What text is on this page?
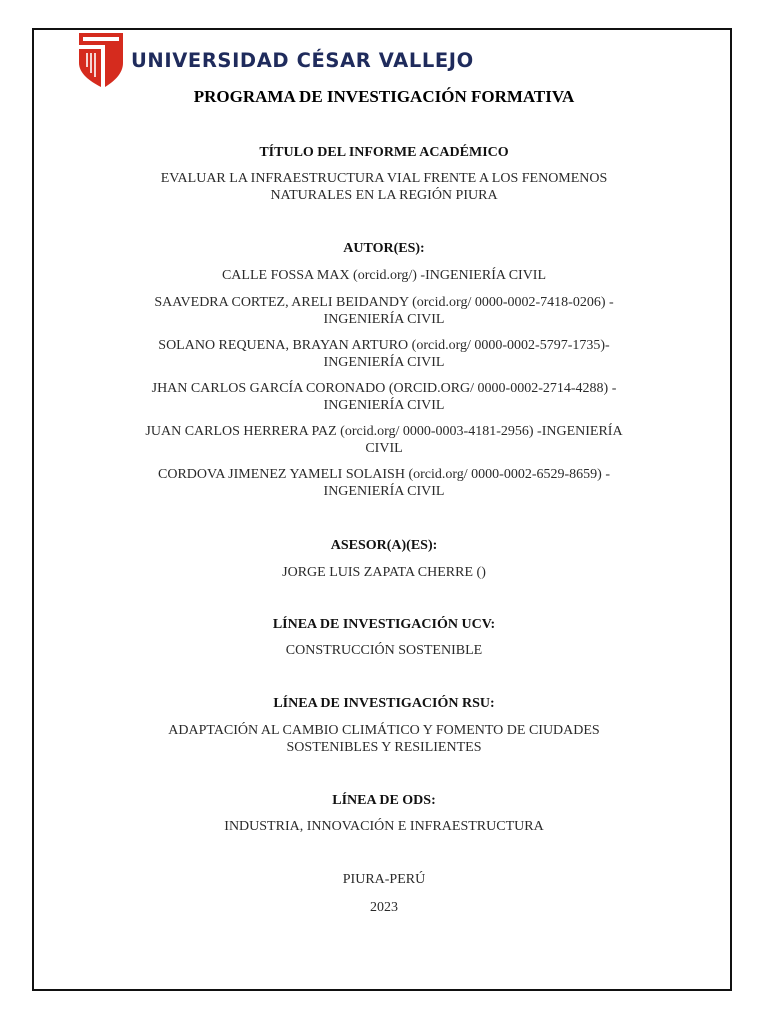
UNIVERSIDAD CÉSAR VALLEJO
PROGRAMA DE INVESTIGACIÓN FORMATIVA
TÍTULO DEL INFORME ACADÉMICO
EVALUAR LA INFRAESTRUCTURA VIAL FRENTE A LOS FENOMENOS
NATURALES EN LA REGIÓN PIURA
AUTOR(ES):
CALLE FOSSA MAX (orcid.org/) -INGENIERÍA CIVIL
SAAVEDRA CORTEZ, ARELI BEIDANDY (orcid.org/ 0000-0002-7418-0206) -
INGENIERÍA CIVIL
SOLANO REQUENA, BRAYAN ARTURO (orcid.org/ 0000-0002-5797-1735)-
INGENIERÍA CIVIL
JHAN CARLOS GARCÍA CORONADO (ORCID.ORG/ 0000-0002-2714-4288) -
INGENIERÍA CIVIL
JUAN CARLOS HERRERA PAZ (orcid.org/ 0000-0003-4181-2956) -INGENIERÍA
CIVIL
CORDOVA JIMENEZ YAMELI SOLAISH (orcid.org/ 0000-0002-6529-8659) -
INGENIERÍA CIVIL
ASESOR(A)(ES):
JORGE LUIS ZAPATA CHERRE ()
LÍNEA DE INVESTIGACIÓN UCV:
CONSTRUCCIÓN SOSTENIBLE
LÍNEA DE INVESTIGACIÓN RSU:
ADAPTACIÓN AL CAMBIO CLIMÁTICO Y FOMENTO DE CIUDADES
SOSTENIBLES Y RESILIENTES
LÍNEA DE ODS:
INDUSTRIA, INNOVACIÓN E INFRAESTRUCTURA
PIURA-PERÚ
2023
